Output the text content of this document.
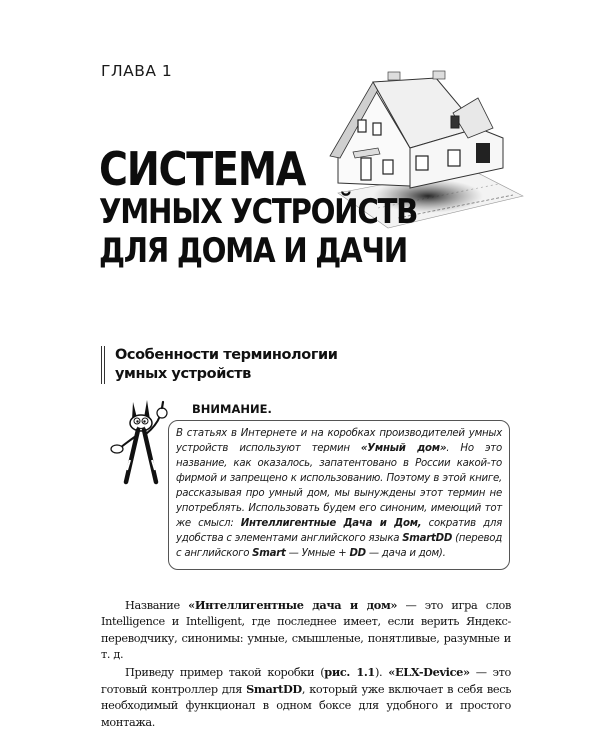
ГЛАВА 1
СИСТЕМА
УМНЫХ УСТРОЙСТВ
ДЛЯ ДОМА И ДАЧИ
Особенности терминологии
умных устройств
ВНИМАНИЕ.
В статьях в Интернете и на коробках производителей умных устройств используют термин «Умный дом». Но это название, как оказалось, запатентовано в России какой-то фирмой и запрещено к использованию. Поэтому в этой книге, рассказывая про умный дом, мы вынуждены этот термин не употреблять. Использовать будем его синоним, имеющий тот же смысл: Интеллигентные Дача и Дом, сократив для удобства с элементами английского языка SmartDD (перевод с английского Smart — Умные + DD — дача и дом).

Название «Интеллигентные дача и дом» — это игра слов Intelligence и Intelligent, где последнее имеет, если верить Яндекс-переводчику, синонимы: умные, смышленые, понятливые, разумные и т. д.

Приведу пример такой коробки (рис. 1.1). «ELX-Device» — это готовый контроллер для SmartDD, который уже включает в себя весь необходимый функционал в одном боксе для удобного и простого монтажа.
